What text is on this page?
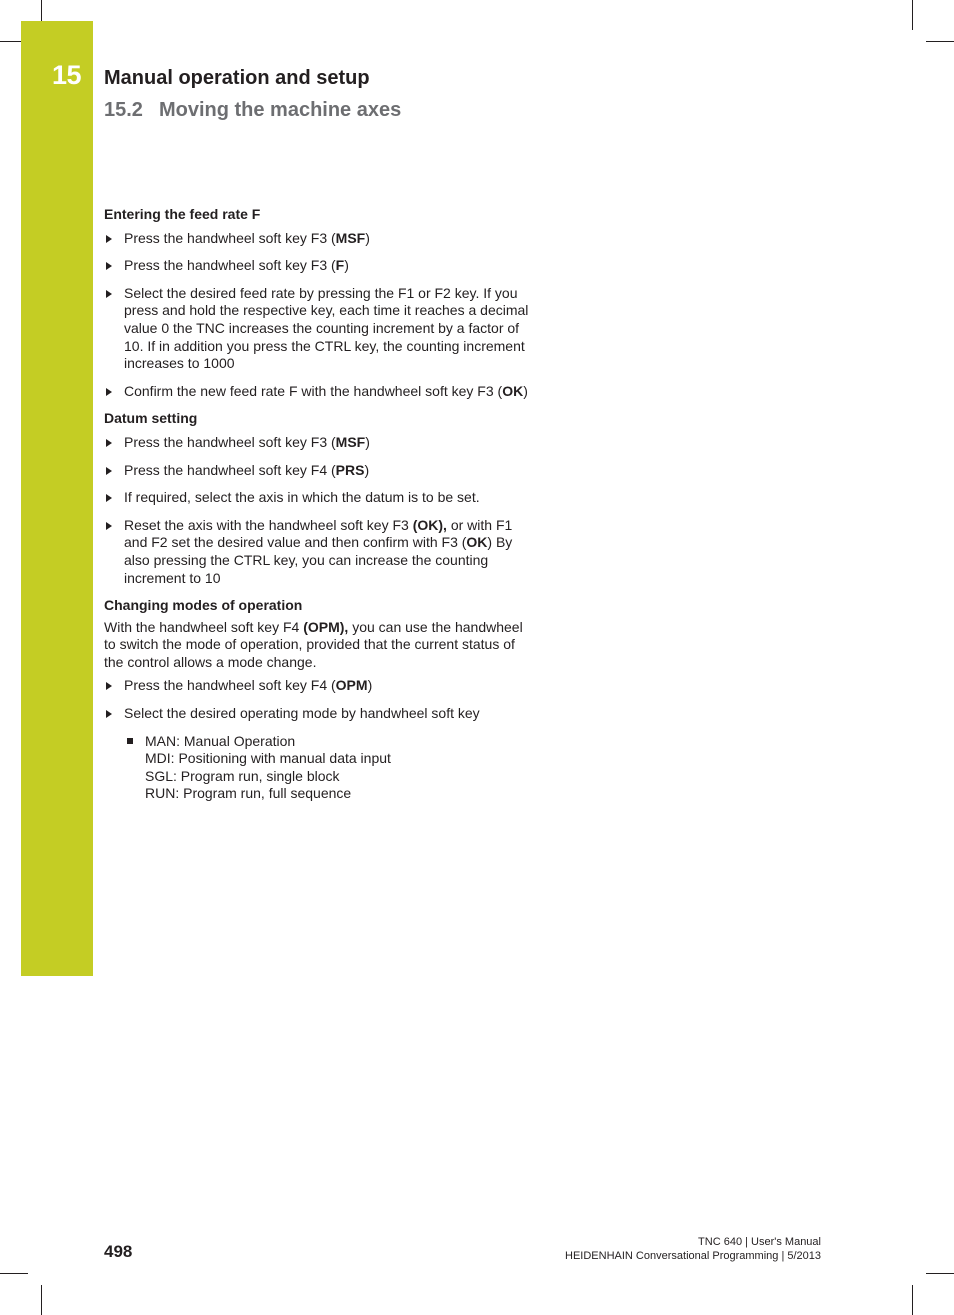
15 Manual operation and setup
15.2 Moving the machine axes
Entering the feed rate F
Press the handwheel soft key F3 (MSF)
Press the handwheel soft key F3 (F)
Select the desired feed rate by pressing the F1 or F2 key. If you press and hold the respective key, each time it reaches a decimal value 0 the TNC increases the counting increment by a factor of 10. If in addition you press the CTRL key, the counting increment increases to 1000
Confirm the new feed rate F with the handwheel soft key F3 (OK)
Datum setting
Press the handwheel soft key F3 (MSF)
Press the handwheel soft key F4 (PRS)
If required, select the axis in which the datum is to be set.
Reset the axis with the handwheel soft key F3 (OK), or with F1 and F2 set the desired value and then confirm with F3 (OK) By also pressing the CTRL key, you can increase the counting increment to 10
Changing modes of operation
With the handwheel soft key F4 (OPM), you can use the handwheel to switch the mode of operation, provided that the current status of the control allows a mode change.
Press the handwheel soft key F4 (OPM)
Select the desired operating mode by handwheel soft key
MAN: Manual Operation
MDI: Positioning with manual data input
SGL: Program run, single block
RUN: Program run, full sequence
498	TNC 640 | User's Manual
HEIDENHAIN Conversational Programming | 5/2013
